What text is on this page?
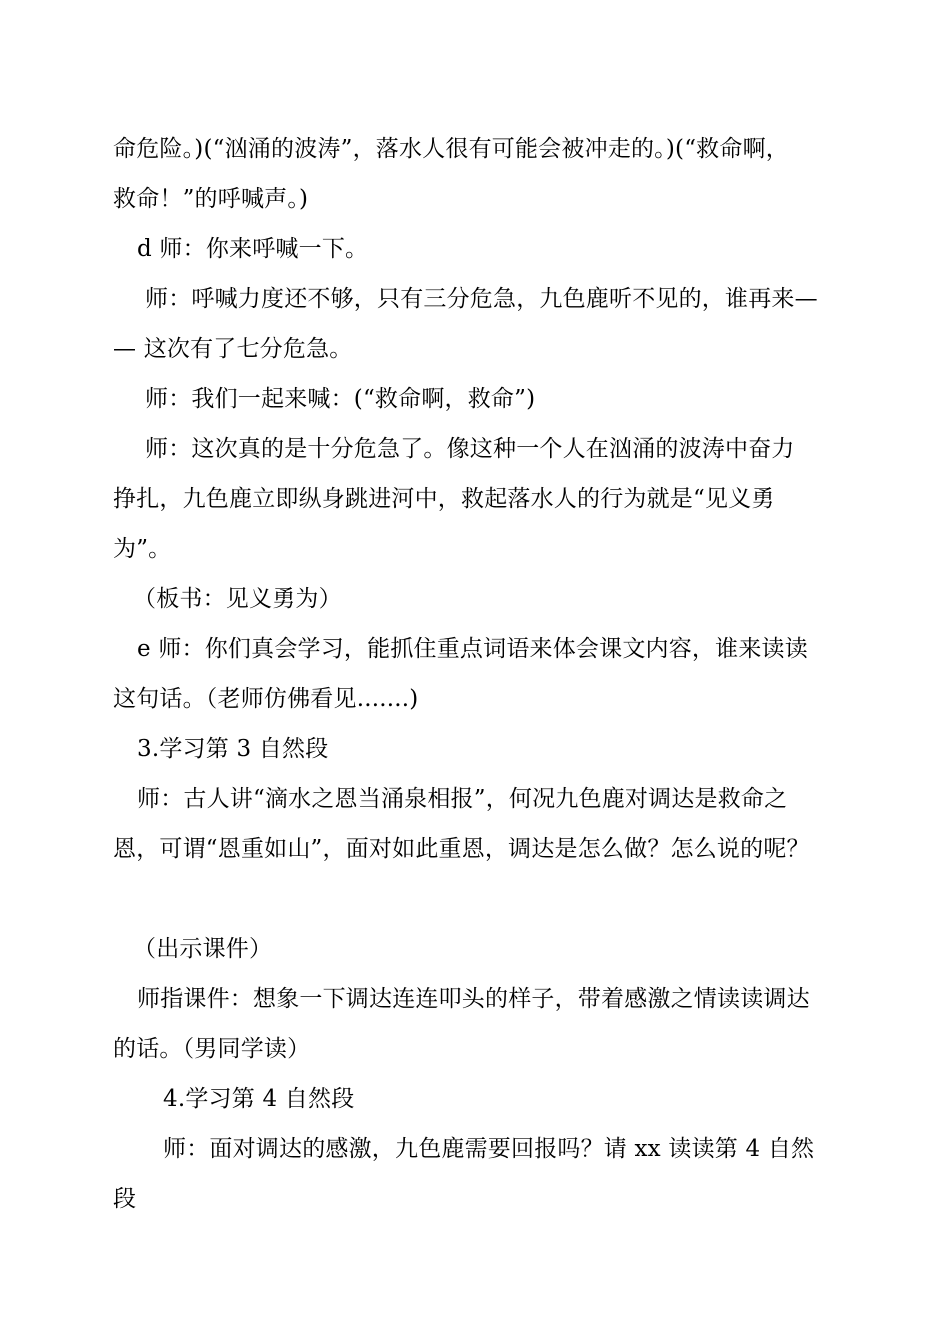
命危险。)(“汹涌的波涛”，落水人很有可能会被冲走的。)(“救命啊，
救命！”的呼喊声。)
d 师：你来呼喊一下。
师：呼喊力度还不够，只有三分危急，九色鹿听不见的，谁再来—
— 这次有了七分危急。
师：我们一起来喊：(“救命啊，救命”)
师：这次真的是十分危急了。像这种一个人在汹涌的波涛中奋力
挣扎，九色鹿立即纵身跳进河中，救起落水人的行为就是“见义勇
为”。
（板书：见义勇为）
e 师：你们真会学习，能抓住重点词语来体会课文内容，谁来读读
这句话。（老师仿佛看见.......)
3.学习第 3 自然段
师：古人讲“滴水之恩当涌泉相报”，何况九色鹿对调达是救命之
恩，可谓“恩重如山”，面对如此重恩，调达是怎么做？怎么说的呢？
（出示课件）
师指课件：想象一下调达连连叩头的样子，带着感激之情读读调达
的话。（男同学读）
4.学习第 4 自然段
师：面对调达的感激，九色鹿需要回报吗？请 xx 读读第 4 自然
段
